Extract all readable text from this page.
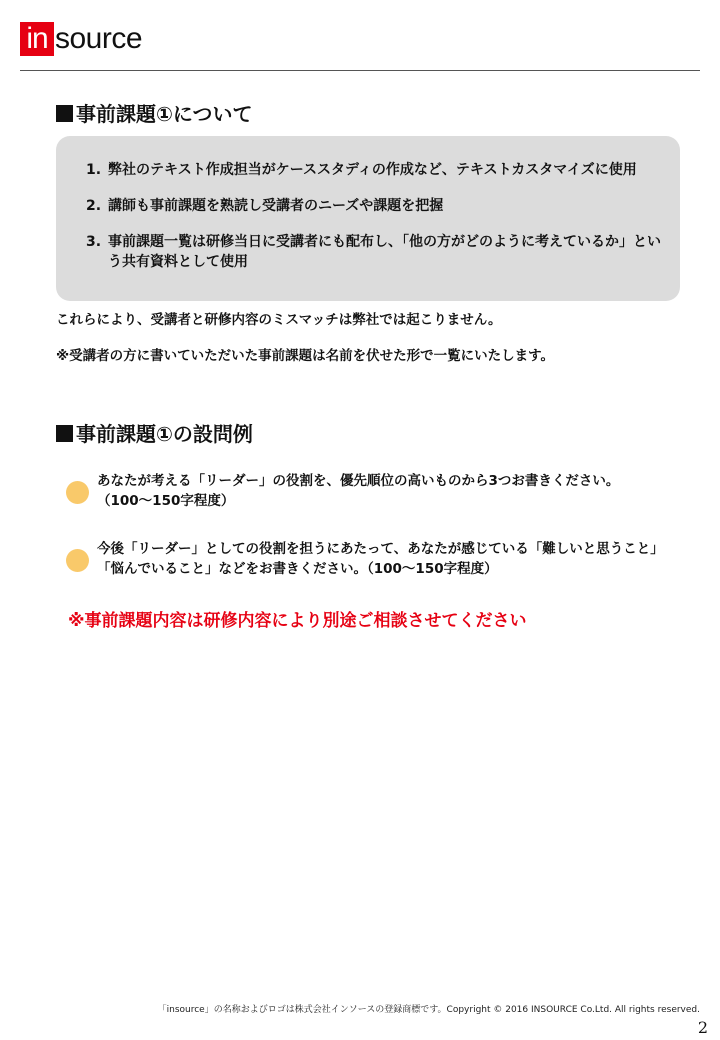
in source
事前課題①について
1. 弊社のテキスト作成担当がケーススタディの作成など、テキストカスタマイズに使用
2. 講師も事前課題を熟読し受講者のニーズや課題を把握
3. 事前課題一覧は研修当日に受講者にも配布し、「他の方がどのように考えているか」という共有資料として使用
これらにより、受講者と研修内容のミスマッチは弊社では起こりません。
※受講者の方に書いていただいた事前課題は名前を伏せた形で一覧にいたします。
事前課題①の設問例
あなたが考える「リーダー」の役割を、優先順位の高いものから3つお書きください。
（100～150字程度）
今後「リーダー」としての役割を担うにあたって、あなたが感じている「難しいと思うこと」
「悩んでいること」などをお書きください。（100～150字程度）
※事前課題内容は研修内容により別途ご相談させてください
「insource」の名称およびロゴは株式会社インソースの登録商標です。Copyright © 2016 INSOURCE Co.Ltd. All rights reserved.
2
